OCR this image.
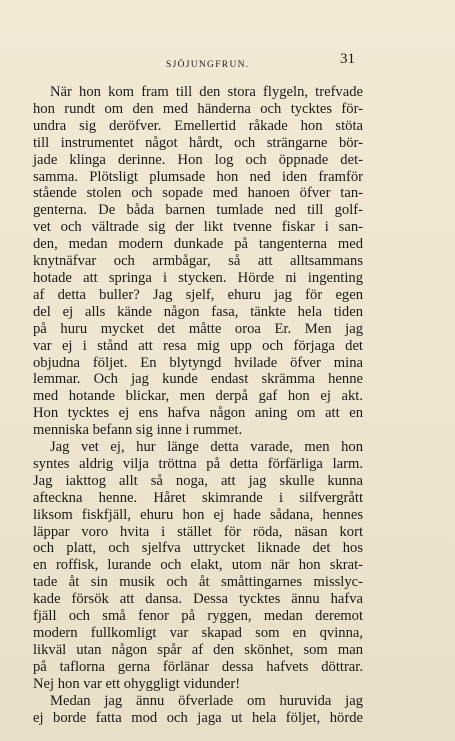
SJÖJUNGFRUN.	31
När hon kom fram till den stora flygeln, trefvade
hon rundt om den med händerna och tycktes för-
undra sig deröfver. Emellertid råkade hon stöta
till instrumentet något hårdt, och strängarne bör-
jade klinga derinne. Hon log och öppnade det-
samma. Plötsligt plumsade hon ned iden framför
stående stolen och sopade med hanoen öfver tan-
genterna. De båda barnen tumlade ned till golf-
vet och vältrade sig der likt tvenne fiskar i san-
den, medan modern dunkade på tangenterna med
knytnäfvar och armbågar, så att alltsammans
hotade att springa i stycken. Hörde ni ingenting
af detta buller? Jag sjelf, ehuru jag för egen
del ej alls kände någon fasa, tänkte hela tiden
på huru mycket det måtte oroa Er. Men jag
var ej i stånd att resa mig upp och förjaga det
objudna följet. En blytyngd hvilade öfver mina
lemmar. Och jag kunde endast skrämma henne
med hotande blickar, men derpå gaf hon ej akt.
Hon tycktes ej ens hafva någon aning om att en
menniska befann sig inne i rummet.
Jag vet ej, hur länge detta varade, men hon
syntes aldrig vilja tröttna på detta förfärliga larm.
Jag iakttog allt så noga, att jag skulle kunna
afteckna henne. Håret skimrande i silfvergrått
liksom fiskfjäll, ehuru hon ej hade sådana, hennes
läppar voro hvita i stället för röda, näsan kort
och platt, och sjelfva uttrycket liknade det hos
en roffisk, lurande och elakt, utom när hon skrat-
tade åt sin musik och åt småttingarnes misslyc-
kade försök att dansa. Dessa tycktes ännu hafva
fjäll och små fenor på ryggen, medan deremot
modern fullkomligt var skapad som en qvinna,
likväl utan någon spår af den skönhet, som man
på taflorna gerna förlänar dessa hafvets döttrar.
Nej hon var ett ohyggligt vidunder!
Medan jag ännu öfverlade om huruvida jag
ej borde fatta mod och jaga ut hela följet, hörde
